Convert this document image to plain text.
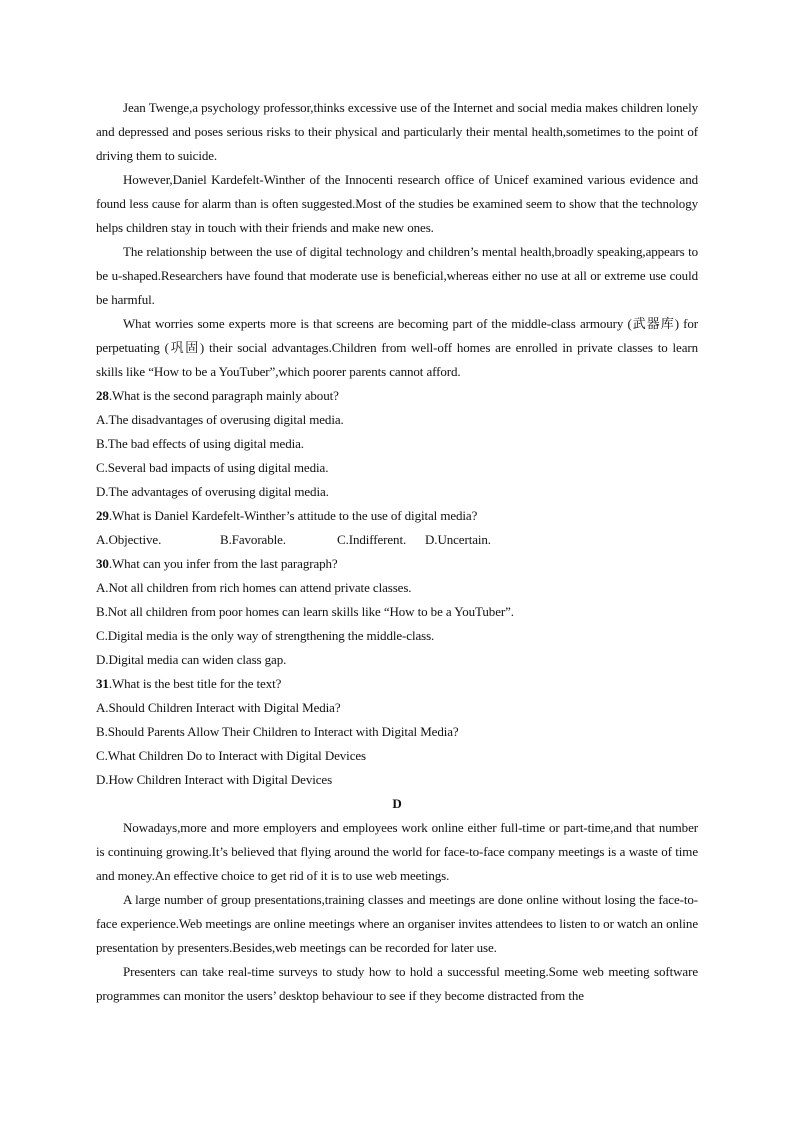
Jean Twenge,a psychology professor,thinks excessive use of the Internet and social media makes children lonely and depressed and poses serious risks to their physical and particularly their mental health,sometimes to the point of driving them to suicide.

However,Daniel Kardefelt-Winther of the Innocenti research office of Unicef examined various evidence and found less cause for alarm than is often suggested.Most of the studies be examined seem to show that the technology helps children stay in touch with their friends and make new ones.

The relationship between the use of digital technology and children’s mental health,broadly speaking,appears to be u-shaped.Researchers have found that moderate use is beneficial,whereas either no use at all or extreme use could be harmful.

What worries some experts more is that screens are becoming part of the middle-class armoury (武器库) for perpetuating (巩固) their social advantages.Children from well-off homes are enrolled in private classes to learn skills like “How to be a YouTuber”,which poorer parents cannot afford.

28.What is the second paragraph mainly about?

A.The disadvantages of overusing digital media.

B.The bad effects of using digital media.

C.Several bad impacts of using digital media.

D.The advantages of overusing digital media.

29.What is Daniel Kardefelt-Winther’s attitude to the use of digital media?

A.Objective.	B.Favorable.	C.Indifferent.	D.Uncertain.

30.What can you infer from the last paragraph?

A.Not all children from rich homes can attend private classes.

B.Not all children from poor homes can learn skills like “How to be a YouTuber”.

C.Digital media is the only way of strengthening the middle-class.

D.Digital media can widen class gap.

31.What is the best title for the text?

A.Should Children Interact with Digital Media?

B.Should Parents Allow Their Children to Interact with Digital Media?

C.What Children Do to Interact with Digital Devices

D.How Children Interact with Digital Devices

D

Nowadays,more and more employers and employees work online either full-time or part-time,and that number is continuing growing.It’s believed that flying around the world for face-to-face company meetings is a waste of time and money.An effective choice to get rid of it is to use web meetings.

A large number of group presentations,training classes and meetings are done online without losing the face-to-face experience.Web meetings are online meetings where an organiser invites attendees to listen to or watch an online presentation by presenters.Besides,web meetings can be recorded for later use.

Presenters can take real-time surveys to study how to hold a successful meeting.Some web meeting software programmes can monitor the users’ desktop behaviour to see if they become distracted from the
